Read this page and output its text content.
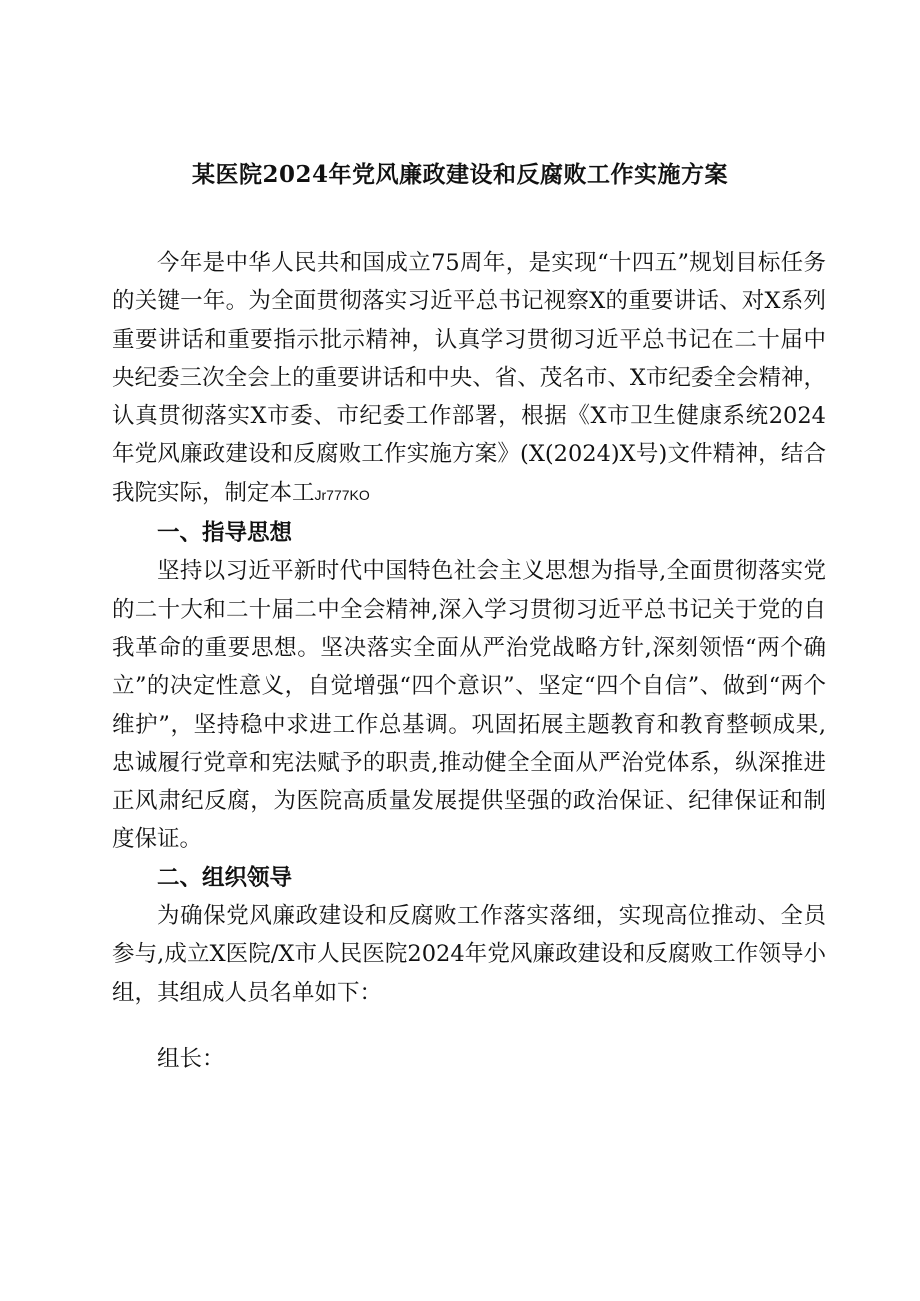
某医院2024年党风廉政建设和反腐败工作实施方案

今年是中华人民共和国成立75周年，是实现“十四五”规划目标任务的关键一年。为全面贯彻落实习近平总书记视察X的重要讲话、对X系列重要讲话和重要指示批示精神，认真学习贯彻习近平总书记在二十届中央纪委三次全会上的重要讲话和中央、省、茂名市、X市纪委全会精神，认真贯彻落实X市委、市纪委工作部署，根据《X市卫生健康系统2024年党风廉政建设和反腐败工作实施方案》(X(2024)X号)文件精神，结合我院实际，制定本工Jr777KO

一、指导思想

坚持以习近平新时代中国特色社会主义思想为指导,全面贯彻落实党的二十大和二十届二中全会精神,深入学习贯彻习近平总书记关于党的自我革命的重要思想。坚决落实全面从严治党战略方针,深刻领悟“两个确立”的决定性意义，自觉增强“四个意识”、坚定“四个自信”、做到“两个维护”，坚持稳中求进工作总基调。巩固拓展主题教育和教育整顿成果,忠诚履行党章和宪法赋予的职责,推动健全全面从严治党体系，纵深推进正风肃纪反腐，为医院高质量发展提供坚强的政治保证、纪律保证和制度保证。

二、组织领导

为确保党风廉政建设和反腐败工作落实落细，实现高位推动、全员参与,成立X医院/X市人民医院2024年党风廉政建设和反腐败工作领导小组，其组成人员名单如下：

组长：
